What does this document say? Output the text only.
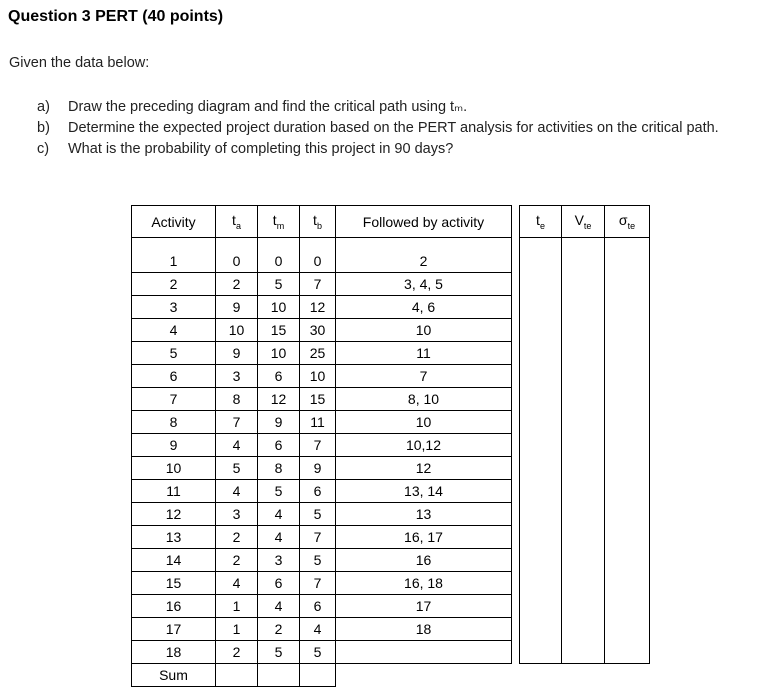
Question 3 PERT (40 points)
Given the data below:
a)	Draw the preceding diagram and find the critical path using tₘ.
b)	Determine the expected project duration based on the PERT analysis for activities on the critical path.
c)	What is the probability of completing this project in 90 days?
Activity	$t_a$	$t_m$	$t_b$	Followed by activity		$t_e$	$V_{te}$	$\sigma_{te}$

1	0	0	0	2				
2	2	5	7	3, 4, 5				
3	9	10	12	4, 6				
4	10	15	30	10				
5	9	10	25	11				
6	3	6	10	7				
7	8	12	15	8, 10				
8	7	9	11	10				
9	4	6	7	10,12				
10	5	8	9	12				
11	4	5	6	13, 14				
12	3	4	5	13				
13	2	4	7	16, 17				
14	2	3	5	16				
15	4	6	7	16, 18				
16	1	4	6	17				
17	1	2	4	18				
18	2	5	5					
Sum								
